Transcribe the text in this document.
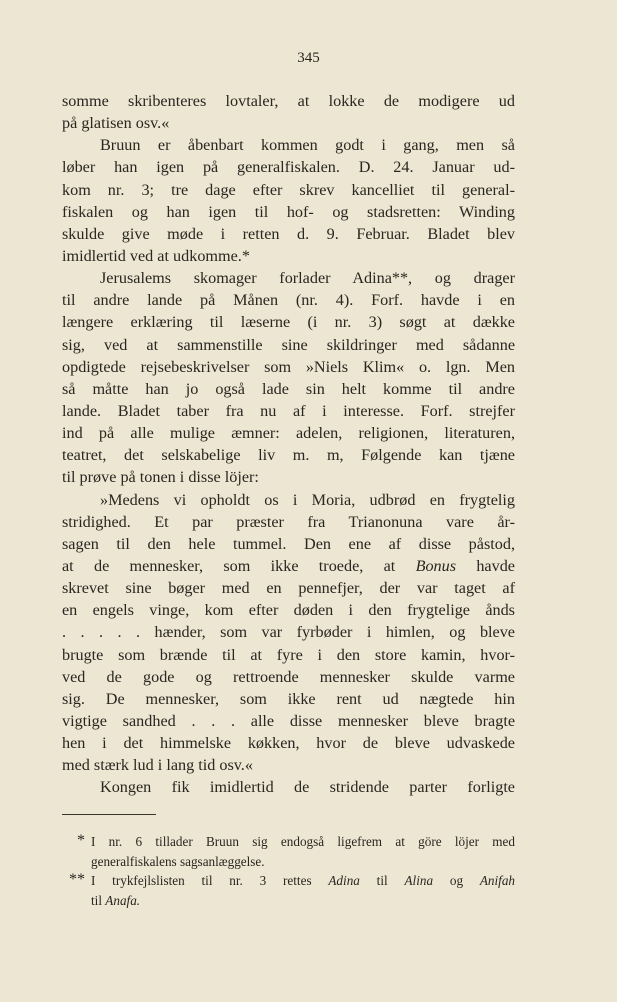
345
somme skribenteres lovtaler, at lokke de modigere ud
på glatisen osv.«
Bruun er åbenbart kommen godt i gang, men så
løber han igen på generalfiskalen. D. 24. Januar ud-
kom nr. 3; tre dage efter skrev kancelliet til general-
fiskalen og han igen til hof- og stadsretten: Winding
skulde give møde i retten d. 9. Februar. Bladet blev
imidlertid ved at udkomme.*
Jerusalems skomager forlader Adina**, og drager
til andre lande på Månen (nr. 4). Forf. havde i en
længere erklæring til læserne (i nr. 3) søgt at dække
sig, ved at sammenstille sine skildringer med sådanne
opdigtede rejsebeskrivelser som »Niels Klim« o. lgn. Men
så måtte han jo også lade sin helt komme til andre
lande. Bladet taber fra nu af i interesse. Forf. strejfer
ind på alle mulige æmner: adelen, religionen, literaturen,
teatret, det selskabelige liv m. m, Følgende kan tjæne
til prøve på tonen i disse löjer:
»Medens vi opholdt os i Moria, udbrød en frygtelig
stridighed. Et par præster fra Trianonuna vare år-
sagen til den hele tummel. Den ene af disse påstod,
at de mennesker, som ikke troede, at Bonus havde
skrevet sine bøger med en pennefjer, der var taget af
en engels vinge, kom efter døden i den frygtelige ånds
. . . . . hænder, som var fyrbøder i himlen, og bleve
brugte som brænde til at fyre i den store kamin, hvor-
ved de gode og rettroende mennesker skulde varme
sig. De mennesker, som ikke rent ud nægtede hin
vigtige sandhed . . . alle disse mennesker bleve bragte
hen i det himmelske køkken, hvor de bleve udvaskede
med stærk lud i lang tid osv.«
Kongen fik imidlertid de stridende parter forligte
* I nr. 6 tillader Bruun sig endogså ligefrem at göre löjer med
generalfiskalens sagsanlæggelse.
** I trykfejlslisten til nr. 3 rettes Adina til Alina og Anifah
til Anafa.
